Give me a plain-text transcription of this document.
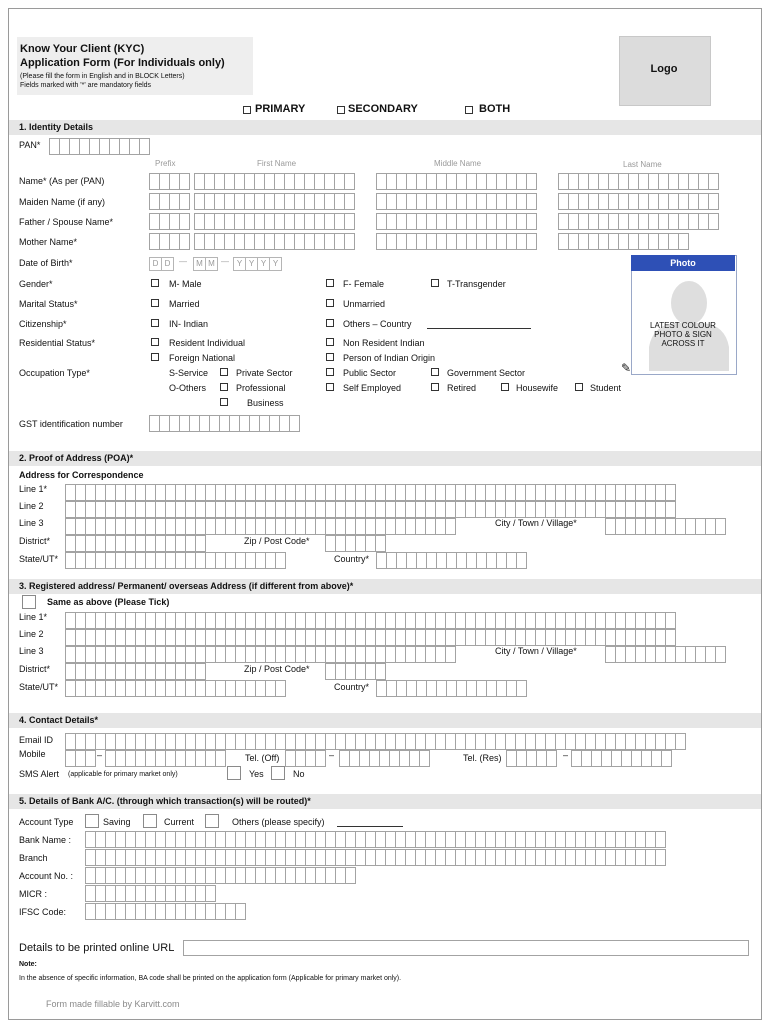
Know Your Client (KYC)
Application Form (For Individuals only)
(Please fill the form in English and in BLOCK Letters)
Fields marked with '*' are mandatory fields
Logo
PRIMARY	SECONDARY	BOTH
1. Identity Details
PAN*
Prefix	First Name	Middle Name	Last Name
Name* (As per (PAN)
Maiden Name (if any)
Father / Spouse Name*
Mother Name*
Date of Birth*	D D	—	M M — Y Y Y Y	Photo
LATEST COLOUR
PHOTO & SIGN
ACROSS IT
✎
Gender*	M- Male	F- Female	T-Transgender
Marital Status*	Married	Unmarried
Citizenship*	IN- Indian	Others – Country
Residential Status*	Resident Individual	Non Resident Indian
Foreign National	Person of Indian Origin
Occupation Type*	S-Service	Private Sector	Public Sector	Government Sector
O-Others	Professional	Self Employed	Retired	Housewife	Student
Business
GST identification number
2. Proof of Address (POA)*
Address for Correspondence
Line 1*
Line 2
Line 3	City / Town / Village*
District*	Zip / Post Code*
State/UT*	Country*
3. Registered address/ Permanent/ overseas Address (if different from above)*
Same as above (Please Tick)
Line 1*
Line 2
Line 3	City / Town / Village*
District*	Zip / Post Code*
State/UT*	Country*
4. Contact Details*
Email ID
Mobile	–	Tel. (Off)	–	Tel. (Res)	–
SMS Alert (applicable for primary market only)	Yes	No
5. Details of Bank A/C. (through which transaction(s) will be routed)*
Account Type	Saving	Current	Others (please specify)
Bank Name :
Branch
Account No. :
MICR :
IFSC Code:
Details to be printed online URL
Note:
In the absence of specific information, BA code shall be printed on the application form (Applicable for primary market only).
Form made fillable by Karvitt.com
